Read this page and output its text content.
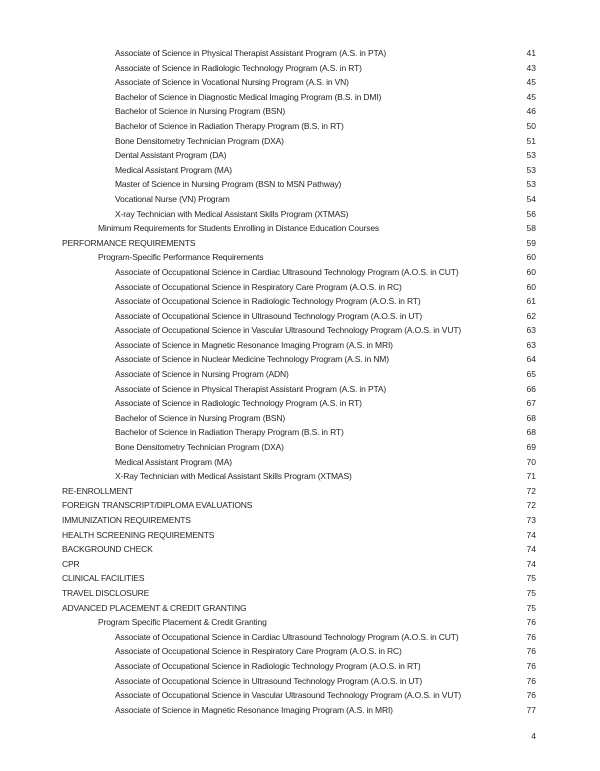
Associate of Science in Physical Therapist Assistant Program (A.S. in PTA)	41
Associate of Science in Radiologic Technology Program (A.S. in RT)	43
Associate of Science in Vocational Nursing Program (A.S. in VN)	45
Bachelor of Science in Diagnostic Medical Imaging Program (B.S. in DMI)	45
Bachelor of Science in Nursing Program (BSN)	46
Bachelor of Science in Radiation Therapy Program (B.S. in RT)	50
Bone Densitometry Technician Program (DXA)	51
Dental Assistant Program (DA)	53
Medical Assistant Program (MA)	53
Master of Science in Nursing Program (BSN to MSN Pathway)	53
Vocational Nurse (VN) Program	54
X-ray Technician with Medical Assistant Skills Program (XTMAS)	56
Minimum Requirements for Students Enrolling in Distance Education Courses	58
PERFORMANCE REQUIREMENTS	59
Program-Specific Performance Requirements	60
Associate of Occupational Science in Cardiac Ultrasound Technology Program (A.O.S. in CUT)	60
Associate of Occupational Science in Respiratory Care Program (A.O.S. in RC)	60
Associate of Occupational Science in Radiologic Technology Program (A.O.S. in RT)	61
Associate of Occupational Science in Ultrasound Technology Program (A.O.S. in UT)	62
Associate of Occupational Science in Vascular Ultrasound Technology Program (A.O.S. in VUT)	63
Associate of Science in Magnetic Resonance Imaging Program (A.S. in MRI)	63
Associate of Science in Nuclear Medicine Technology Program (A.S. in NM)	64
Associate of Science in Nursing Program (ADN)	65
Associate of Science in Physical Therapist Assistant Program (A.S. in PTA)	66
Associate of Science in Radiologic Technology Program (A.S. in RT)	67
Bachelor of Science in Nursing Program (BSN)	68
Bachelor of Science in Radiation Therapy Program (B.S. in RT)	68
Bone Densitometry Technician Program (DXA)	69
Medical Assistant Program (MA)	70
X-Ray Technician with Medical Assistant Skills Program (XTMAS)	71
RE-ENROLLMENT	72
FOREIGN TRANSCRIPT/DIPLOMA EVALUATIONS	72
IMMUNIZATION REQUIREMENTS	73
HEALTH SCREENING REQUIREMENTS	74
BACKGROUND CHECK	74
CPR	74
CLINICAL FACILITIES	75
TRAVEL DISCLOSURE	75
ADVANCED PLACEMENT & CREDIT GRANTING	75
Program Specific Placement & Credit Granting	76
Associate of Occupational Science in Cardiac Ultrasound Technology Program (A.O.S. in CUT)	76
Associate of Occupational Science in Respiratory Care Program (A.O.S. in RC)	76
Associate of Occupational Science in Radiologic Technology Program (A.O.S. in RT)	76
Associate of Occupational Science in Ultrasound Technology Program (A.O.S. in UT)	76
Associate of Occupational Science in Vascular Ultrasound Technology Program (A.O.S. in VUT)	76
Associate of Science in Magnetic Resonance Imaging Program (A.S. in MRI)	77
4
